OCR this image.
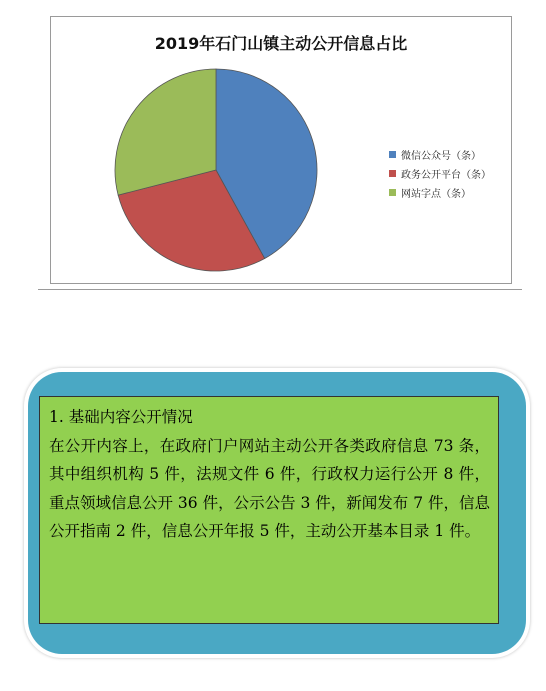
2019年石门山镇主动公开信息占比
微信公众号（条）
政务公开平台（条）
网站字点（条）
1. 基础内容公开情况
在公开内容上，在政府门户网站主动公开各类政府信息 73 条，其中组织机构 5 件，法规文件 6 件，行政权力运行公开 8 件，重点领域信息公开 36 件，公示公告 3 件，新闻发布 7 件，信息公开指南 2 件，信息公开年报 5 件，主动公开基本目录 1 件。
